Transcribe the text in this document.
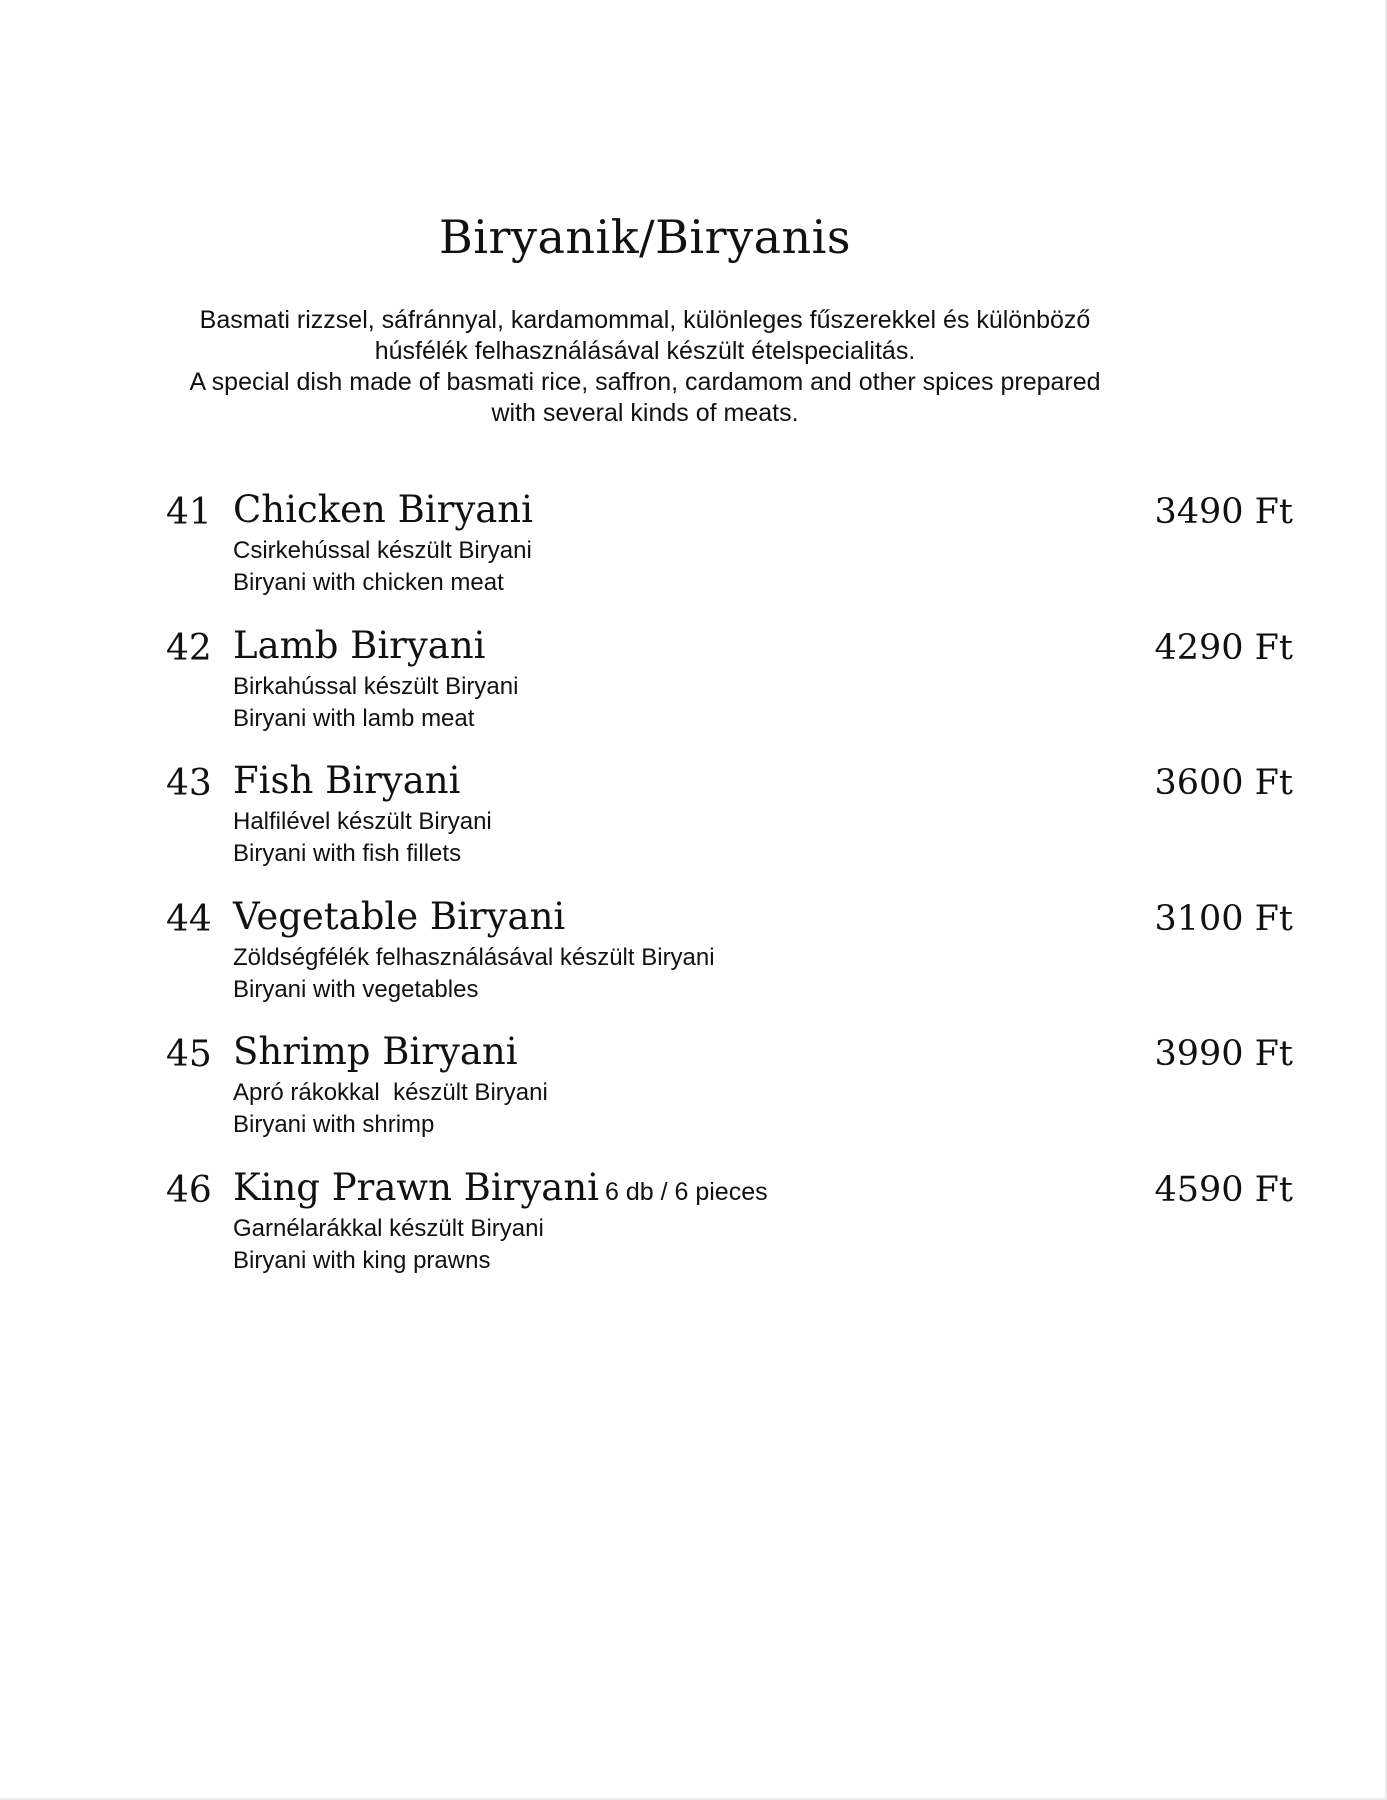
Biryanik/Biryanis
Basmati rizzsel, sáfránnyal, kardamommal, különleges fűszerekkel és különböző
húsfélék felhasználásával készült ételspecialitás.
A special dish made of basmati rice, saffron, cardamom and other spices prepared
with several kinds of meats.
41 Chicken Biryani
Csirkehússal készült Biryani
Biryani with chicken meat
3490 Ft
42 Lamb Biryani
Birkahússal készült Biryani
Biryani with lamb meat
4290 Ft
43 Fish Biryani
Halfilével készült Biryani
Biryani with fish fillets
3600 Ft
44 Vegetable Biryani
Zöldségfélék felhasználásával készült Biryani
Biryani with vegetables
3100 Ft
45 Shrimp Biryani
Apró rákokkal  készült Biryani
Biryani with shrimp
3990 Ft
46 King Prawn Biryani 6 db / 6 pieces
Garnélarákkal készült Biryani
Biryani with king prawns
4590 Ft
